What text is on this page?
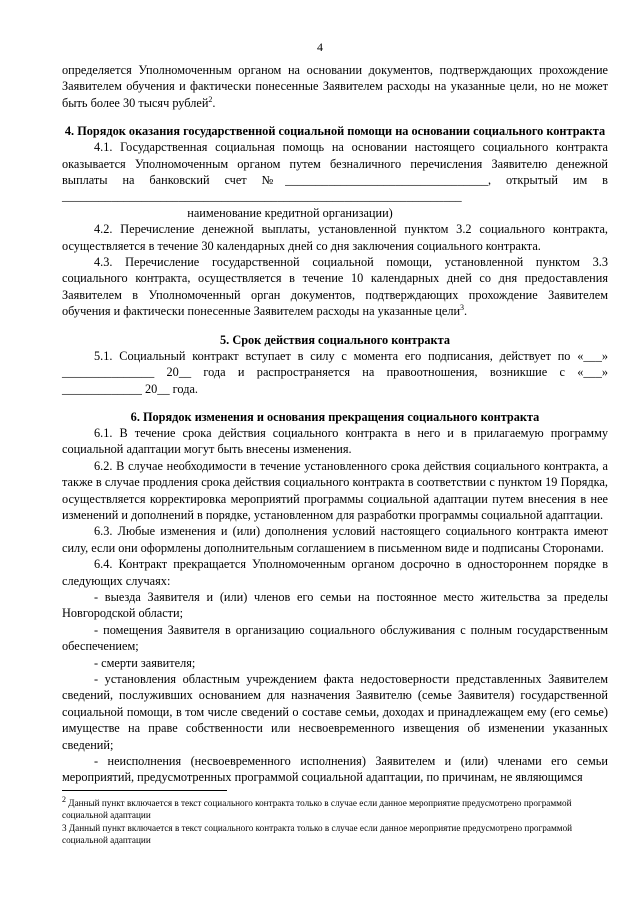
4

определяется Уполномоченным органом на основании документов, подтверждающих прохождение Заявителем обучения и фактически понесенные Заявителем расходы на указанные цели, но не может быть более 30 тысяч рублей$^2$.

4. Порядок оказания государственной социальной помощи на основании социального контракта

4.1. Государственная социальная помощь на основании настоящего социального контракта оказывается Уполномоченным органом путем безналичного перечисления Заявителю денежной выплаты на банковский счет №_________________________________, открытый им в _________________________________________________________________

наименование кредитной организации)

4.2. Перечисление денежной выплаты, установленной пунктом 3.2 социального контракта, осуществляется в течение 30 календарных дней со дня заключения социального контракта.

4.3. Перечисление государственной социальной помощи, установленной пунктом 3.3 социального контракта, осуществляется в течение 10 календарных дней со дня предоставления Заявителем в Уполномоченный орган документов, подтверждающих прохождение Заявителем обучения и фактически понесенные Заявителем расходы на указанные цели$^3$.

5. Срок действия социального контракта

5.1. Социальный контракт вступает в силу с момента его подписания, действует по «___» _______________ 20__ года и распространяется на правоотношения, возникшие с «___» _____________ 20__ года.

6. Порядок изменения и основания прекращения социального контракта

6.1. В течение срока действия социального контракта в него и в прилагаемую программу социальной адаптации могут быть внесены изменения.

6.2. В случае необходимости в течение установленного срока действия социального контракта, а также в случае продления срока действия социального контракта в соответствии с пунктом 19 Порядка, осуществляется корректировка мероприятий программы социальной адаптации путем внесения в нее изменений и дополнений в порядке, установленном для разработки программы социальной адаптации.

6.3. Любые изменения и (или) дополнения условий настоящего социального контракта имеют силу, если они оформлены дополнительным соглашением в письменном виде и подписаны Сторонами.

6.4. Контракт прекращается Уполномоченным органом досрочно в одностороннем порядке в следующих случаях:

- выезда Заявителя и (или) членов его семьи на постоянное место жительства за пределы Новгородской области;

- помещения Заявителя в организацию социального обслуживания с полным государственным обеспечением;

- смерти заявителя;

- установления областным учреждением факта недостоверности представленных Заявителем сведений, послуживших основанием для назначения Заявителю (семье Заявителя) государственной социальной помощи, в том числе сведений о составе семьи, доходах и принадлежащем ему (его семье) имуществе на праве собственности или несвоевременного извещения об изменении указанных сведений;

- неисполнения (несвоевременного исполнения) Заявителем и (или) членами его семьи мероприятий, предусмотренных программой социальной адаптации, по причинам, не являющимся

$^2$ Данный пункт включается в текст социального контракта только в случае если данное мероприятие предусмотрено программой социальной адаптации
3 Данный пункт включается в текст социального контракта только в случае если данное мероприятие предусмотрено программой социальной адаптации
